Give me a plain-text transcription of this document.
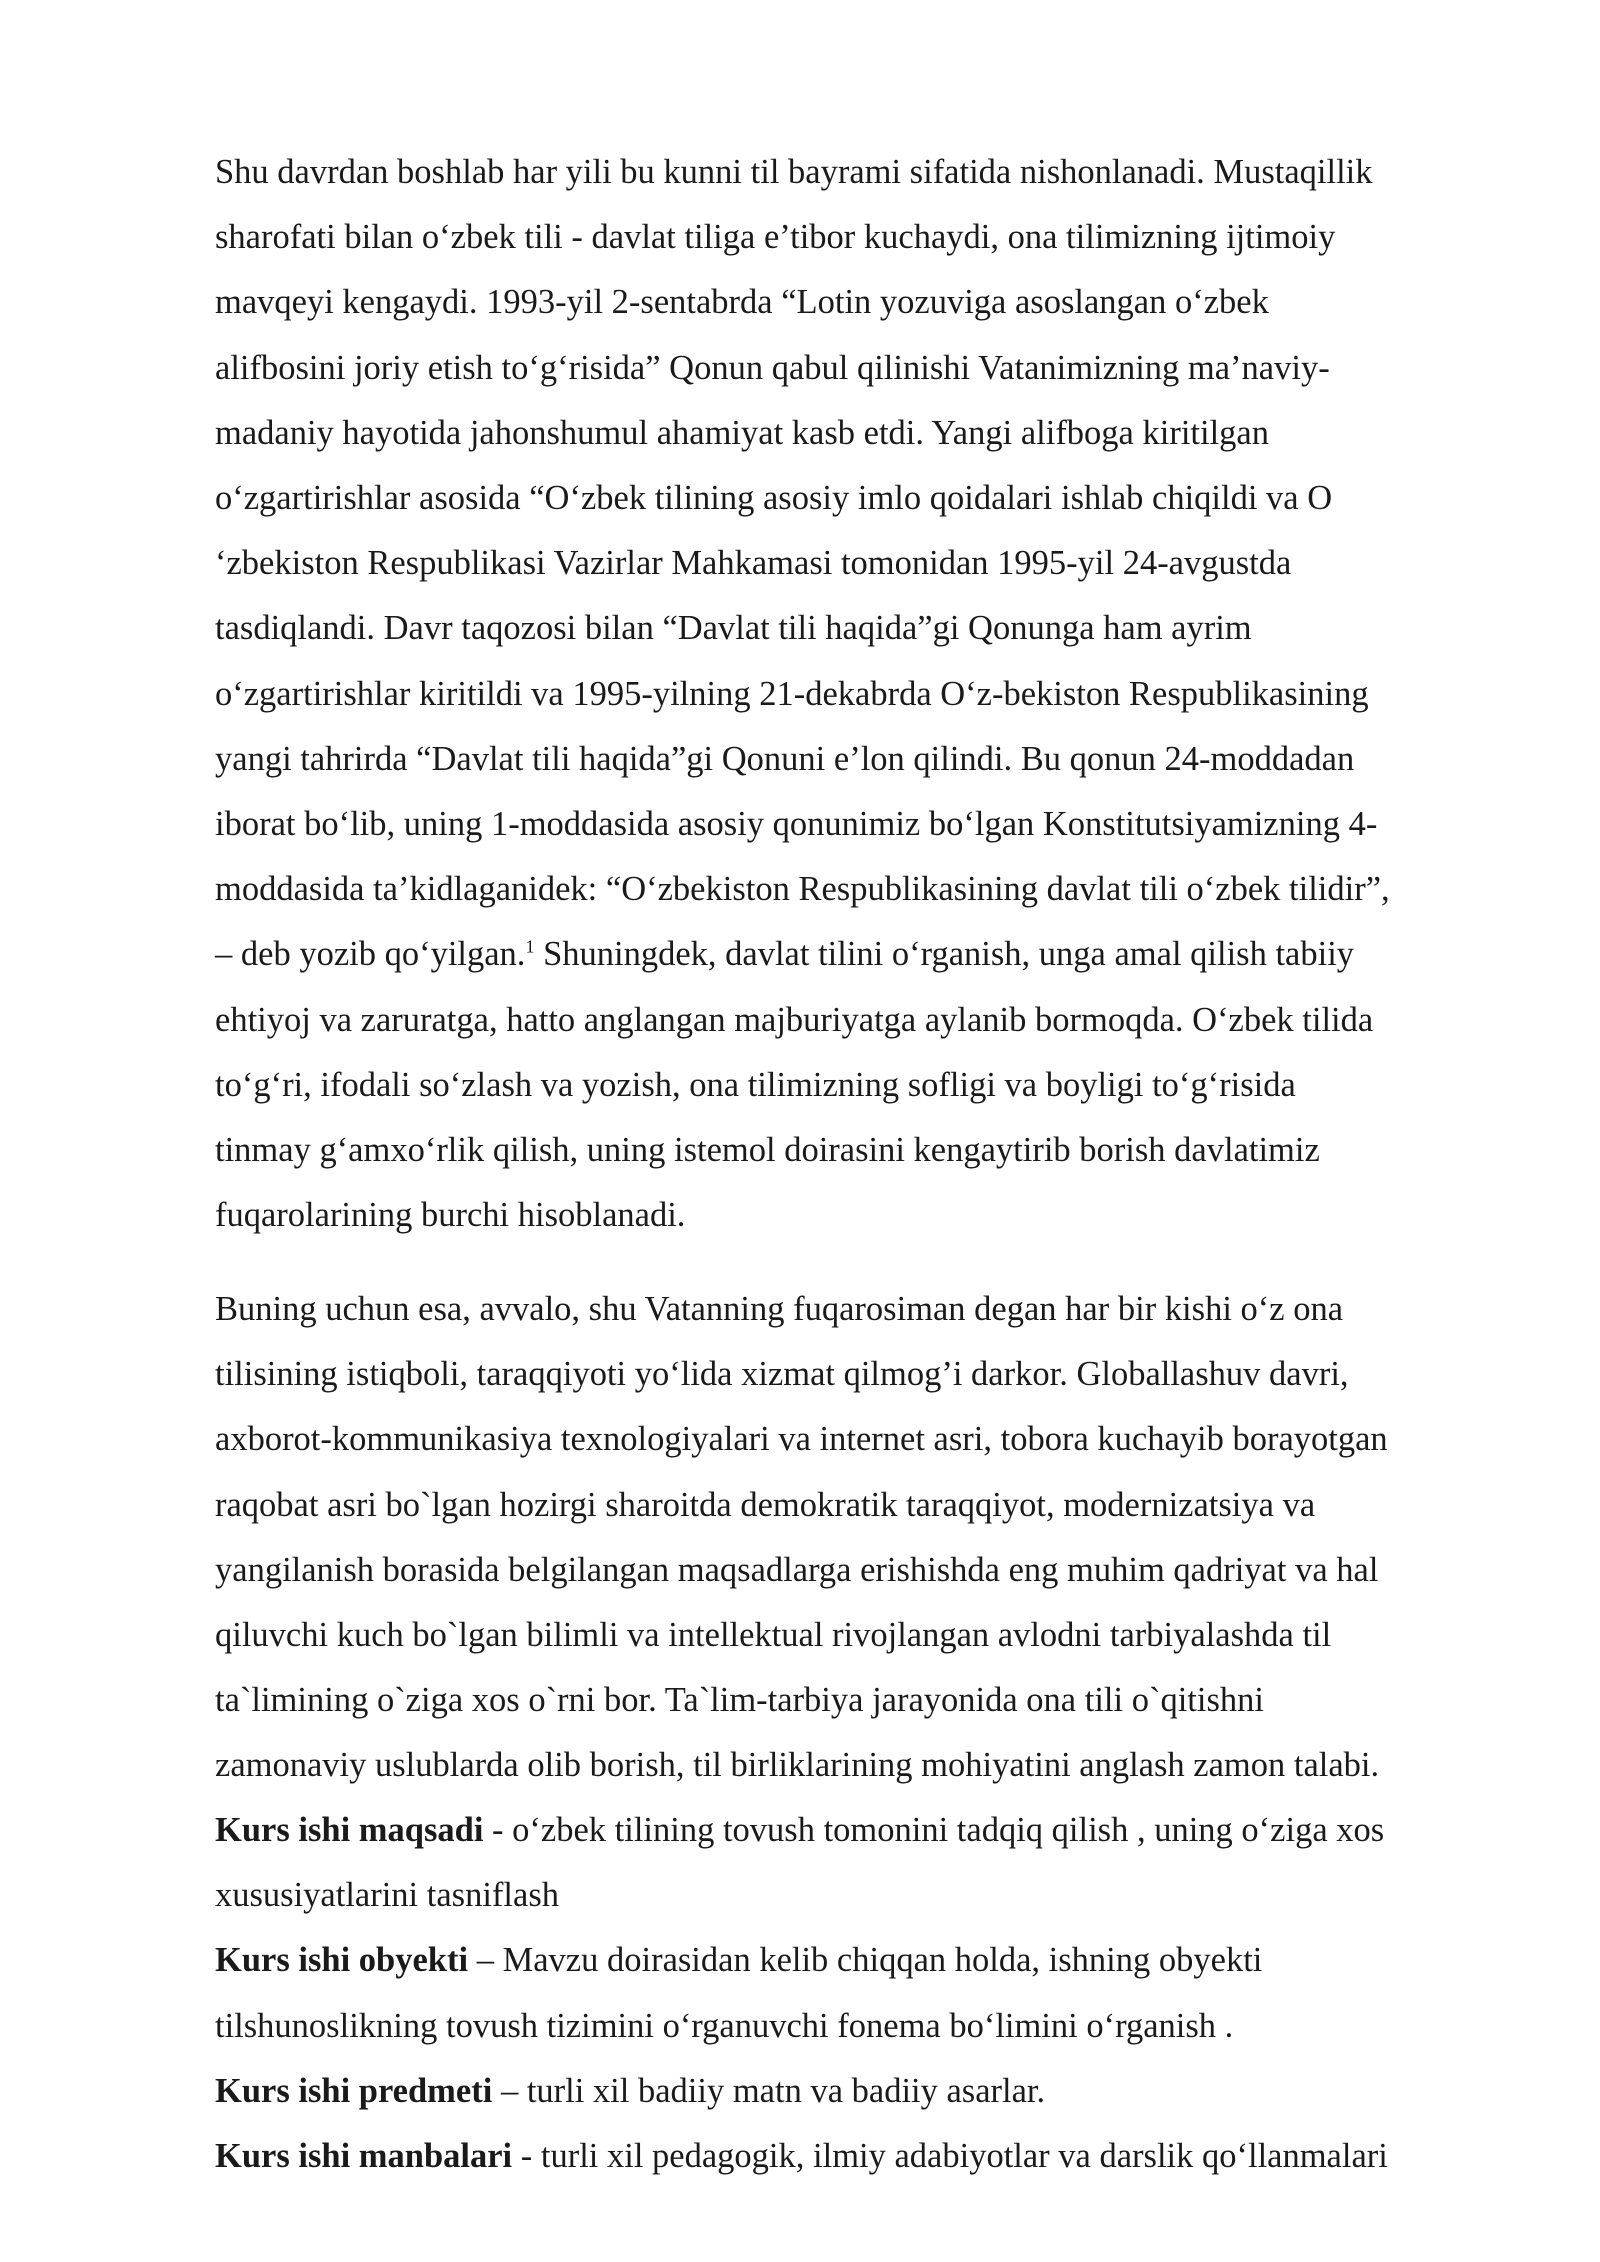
Shu davrdan boshlab har yili bu kunni til bayrami sifatida nishonlanadi. Mustaqillik
sharofati bilan o‘zbek tili - davlat tiliga e’tibor kuchaydi, ona tilimizning ijtimoiy
mavqeyi kengaydi. 1993-yil 2-sentabrda “Lotin yozuviga asoslangan o‘zbek
alifbosini joriy etish to‘g‘risida” Qonun qabul qilinishi Vatanimizning ma’naviy-
madaniy hayotida jahonshumul ahamiyat kasb etdi. Yangi alifboga kiritilgan
o‘zgartirishlar asosida “O‘zbek tilining asosiy imlo qoidalari ishlab chiqildi va O
‘zbekiston Respublikasi Vazirlar Mahkamasi tomonidan 1995-yil 24-avgustda
tasdiqlandi. Davr taqozosi bilan “Davlat tili haqida”gi Qonunga ham ayrim
o‘zgartirishlar kiritildi va 1995-yilning 21-dekabrda O‘z-bekiston Respublikasining
yangi tahrirda “Davlat tili haqida”gi Qonuni e’lon qilindi. Bu qonun 24-moddadan
iborat bo‘lib, uning 1-moddasida asosiy qonunimiz bo‘lgan Konstitutsiyamizning 4-
moddasida ta’kidlaganidek: “O‘zbekiston Respublikasining davlat tili o‘zbek tilidir”,
– deb yozib qo‘yilgan.$^1$ Shuningdek, davlat tilini o‘rganish, unga amal qilish tabiiy
ehtiyoj va zaruratga, hatto anglangan majburiyatga aylanib bormoqda. O‘zbek tilida
to‘g‘ri, ifodali so‘zlash va yozish, ona tilimizning sofligi va boyligi to‘g‘risida
tinmay g‘amxo‘rlik qilish, uning istemol doirasini kengaytirib borish davlatimiz
fuqarolarining burchi hisoblanadi.
Buning uchun esa, avvalo, shu Vatanning fuqarosiman degan har bir kishi o‘z ona
tilisining istiqboli, taraqqiyoti yo‘lida xizmat qilmog’i darkor. Globallashuv davri,
axborot-kommunikasiya texnologiyalari va internet asri, tobora kuchayib borayotgan
raqobat asri bo`lgan hozirgi sharoitda demokratik taraqqiyot, modernizatsiya va
yangilanish borasida belgilangan maqsadlarga erishishda eng muhim qadriyat va hal
qiluvchi kuch bo`lgan bilimli va intellektual rivojlangan avlodni tarbiyalashda til
ta`limining o`ziga xos o`rni bor. Ta`lim-tarbiya jarayonida ona tili o`qitishni
zamonaviy uslublarda olib borish, til birliklarining mohiyatini anglash zamon talabi.
Kurs ishi maqsadi - o‘zbek tilining tovush tomonini tadqiq qilish , uning o‘ziga xos
xususiyatlarini tasniflash
Kurs ishi obyekti – Mavzu doirasidan kelib chiqqan holda, ishning obyekti
tilshunoslikning tovush tizimini o‘rganuvchi fonema bo‘limini o‘rganish .
Kurs ishi predmeti – turli xil badiiy matn va badiiy asarlar.
Kurs ishi manbalari - turli xil pedagogik, ilmiy adabiyotlar va darslik qo‘llanmalari
